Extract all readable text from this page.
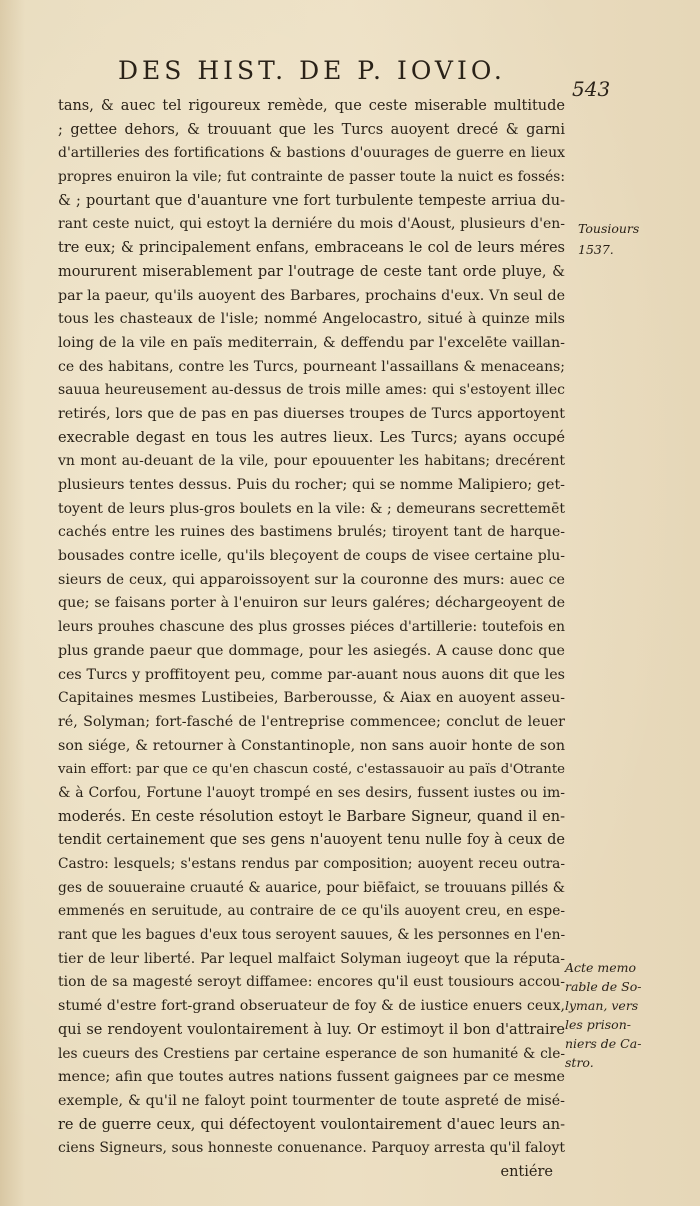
DES HIST. DE P. IOVIO.
543
tans, & auec tel rigoureux remède, que ceste miserable multitude
; gettee dehors, & trouuant que les Turcs auoyent drecé & garni
d'artilleries des fortifications & bastions d'ouurages de guerre en lieux
propres enuiron la vile; fut contrainte de passer toute la nuict es fossés:
& ; pourtant que d'auanture vne fort turbulente tempeste arriua du-
rant ceste nuict, qui estoyt la derniére du mois d'Aoust, plusieurs d'en-
tre eux; & principalement enfans, embraceans le col de leurs méres
moururent miserablement par l'outrage de ceste tant orde pluye, &
par la paeur, qu'ils auoyent des Barbares, prochains d'eux. Vn seul de
tous les chasteaux de l'isle; nommé Angelocastro, situé à quinze mils
loing de la vile en païs mediterrain, & deffendu par l'excelēte vaillan-
ce des habitans, contre les Turcs, pourneant l'assaillans & menaceans;
sauua heureusement au-dessus de trois mille ames: qui s'estoyent illec
retirés, lors que de pas en pas diuerses troupes de Turcs apportoyent
execrable degast en tous les autres lieux. Les Turcs; ayans occupé
vn mont au-deuant de la vile, pour epouuenter les habitans; drecérent
plusieurs tentes dessus. Puis du rocher; qui se nomme Malipiero; get-
toyent de leurs plus-gros boulets en la vile: & ; demeurans secrettemēt
cachés entre les ruines des bastimens brulés; tiroyent tant de harque-
bousades contre icelle, qu'ils bleçoyent de coups de visee certaine plu-
sieurs de ceux, qui apparoissoyent sur la couronne des murs: auec ce
que; se faisans porter à l'enuiron sur leurs galéres; déchargeoyent de
leurs prouhes chascune des plus grosses piéces d'artillerie: toutefois en
plus grande paeur que dommage, pour les asiegés. A cause donc que
ces Turcs y proffitoyent peu, comme par-auant nous auons dit que les
Capitaines mesmes Lustibeies, Barberousse, & Aiax en auoyent asseu-
ré, Solyman; fort-fasché de l'entreprise commencee; conclut de leuer
son siége, & retourner à Constantinople, non sans auoir honte de son
vain effort: par que ce qu'en chascun costé, c'estassauoir au païs d'Otrante
& à Corfou, Fortune l'auoyt trompé en ses desirs, fussent iustes ou im-
moderés. En ceste résolution estoyt le Barbare Signeur, quand il en-
tendit certainement que ses gens n'auoyent tenu nulle foy à ceux de
Castro: lesquels; s'estans rendus par composition; auoyent receu outra-
ges de souueraine cruauté & auarice, pour biēfaict, se trouuans pillés &
emmenés en seruitude, au contraire de ce qu'ils auoyent creu, en espe-
rant que les bagues d'eux tous seroyent sauues, & les personnes en l'en-
tier de leur liberté. Par lequel malfaict Solyman iugeoyt que la réputa-
tion de sa magesté seroyt diffamee: encores qu'il eust tousiours accou-
stumé d'estre fort-grand obseruateur de foy & de iustice enuers ceux,
qui se rendoyent voulontairement à luy. Or estimoyt il bon d'attraire
les cueurs des Crestiens par certaine esperance de son humanité & cle-
mence; afin que toutes autres nations fussent gaignees par ce mesme
exemple, & qu'il ne faloyt point tourmenter de toute aspreté de misé-
re de guerre ceux, qui défectoyent voulontairement d'auec leurs an-
ciens Signeurs, sous honneste conuenance. Parquoy arresta qu'il faloyt
entiére
Tousiours
1537.
Acte memo
rable de So-
lyman, vers
les prison-
niers de Ca-
stro.
